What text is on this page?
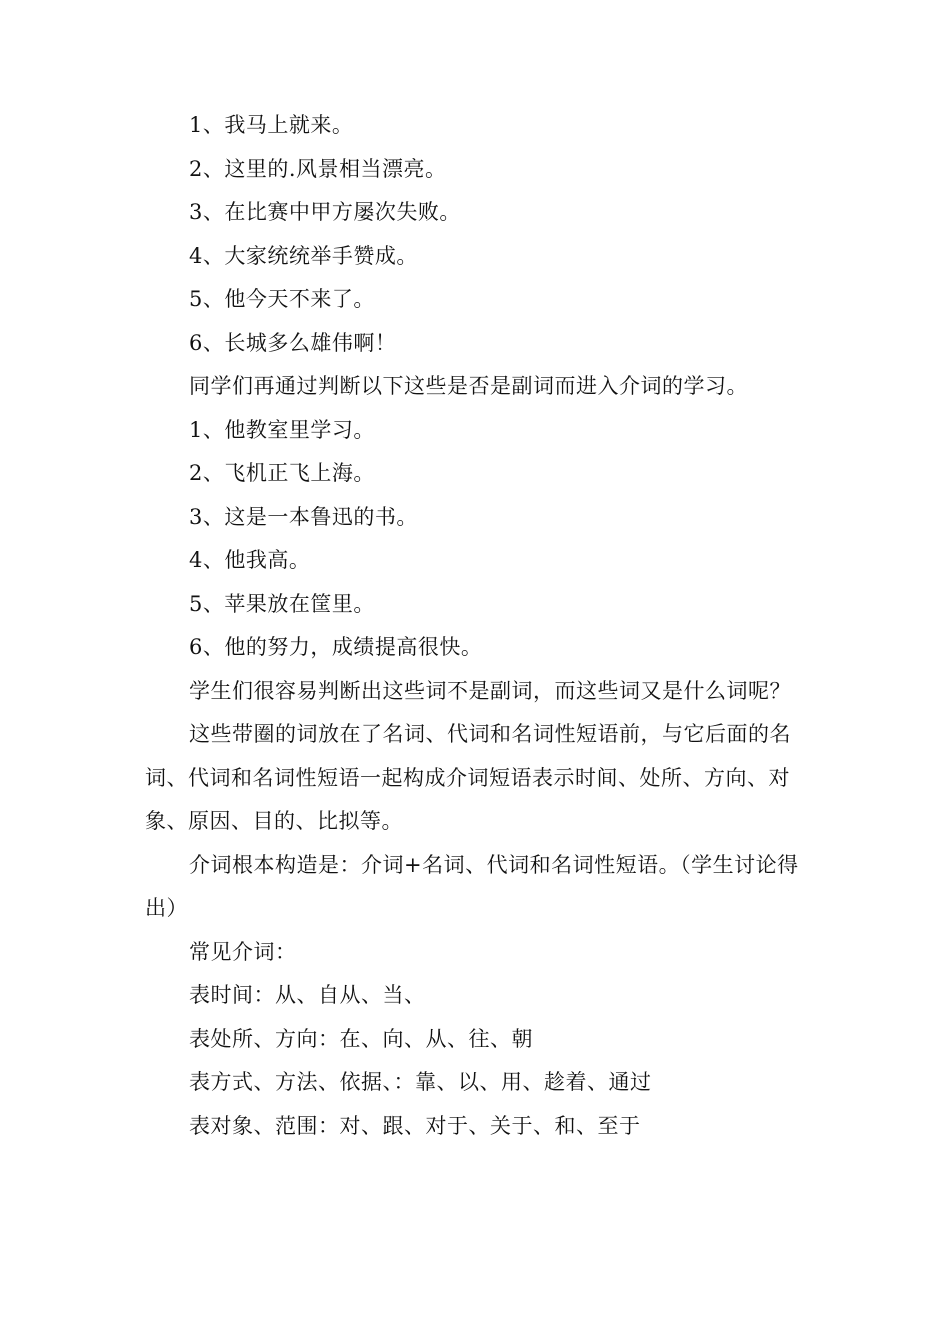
1、我马上就来。

2、这里的.风景相当漂亮。

3、在比赛中甲方屡次失败。

4、大家统统举手赞成。

5、他今天不来了。

6、长城多么雄伟啊！

同学们再通过判断以下这些是否是副词而进入介词的学习。

1、他教室里学习。

2、飞机正飞上海。

3、这是一本鲁迅的书。

4、他我高。

5、苹果放在筐里。

6、他的努力，成绩提高很快。

学生们很容易判断出这些词不是副词，而这些词又是什么词呢？

这些带圈的词放在了名词、代词和名词性短语前，与它后面的名词、代词和名词性短语一起构成介词短语表示时间、处所、方向、对象、原因、目的、比拟等。

介词根本构造是：介词+名词、代词和名词性短语。（学生讨论得出）

常见介词：

表时间：从、自从、当、

表处所、方向：在、向、从、往、朝

表方式、方法、依据、：靠、以、用、趁着、通过

表对象、范围：对、跟、对于、关于、和、至于
